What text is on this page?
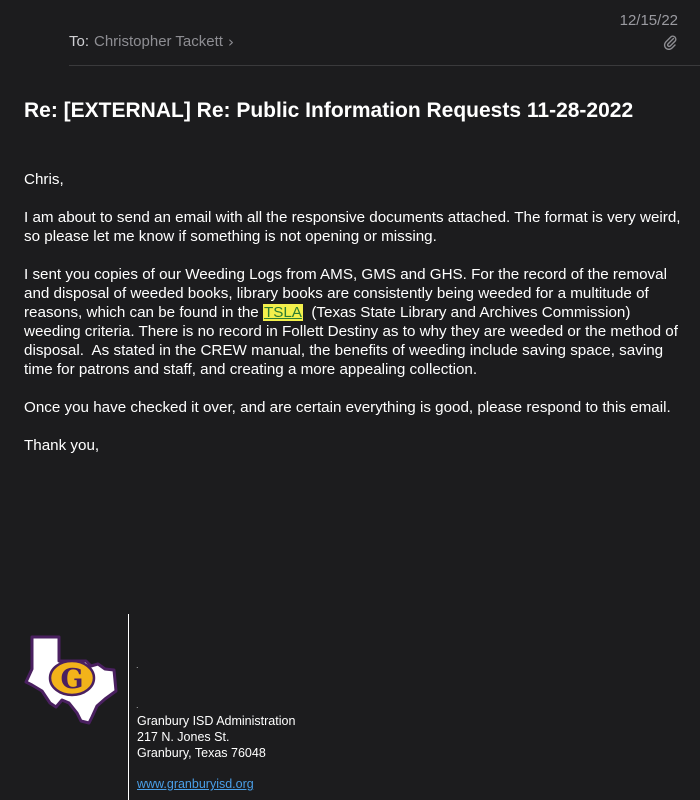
To: Christopher Tackett ›
12/15/22
Re: [EXTERNAL] Re: Public Information Requests 11-28-2022

Chris,

I am about to send an email with all the responsive documents attached. The format is very weird, so please let me know if something is not opening or missing.

I sent you copies of our Weeding Logs from AMS, GMS and GHS. For the record of the removal and disposal of weeded books, library books are consistently being weeded for a multitude of reasons, which can be found in the TSLA  (Texas State Library and Archives Commission) weeding criteria. There is no record in Follett Destiny as to why they are weeded or the method of disposal.  As stated in the CREW manual, the benefits of weeding include saving space, saving time for patrons and staff, and creating a more appealing collection.

Once you have checked it over, and are certain everything is good, please respond to this email.

Thank you,

G	.
.
Granbury ISD Administration
217 N. Jones St.
Granbury, Texas 76048
www.granburyisd.org
